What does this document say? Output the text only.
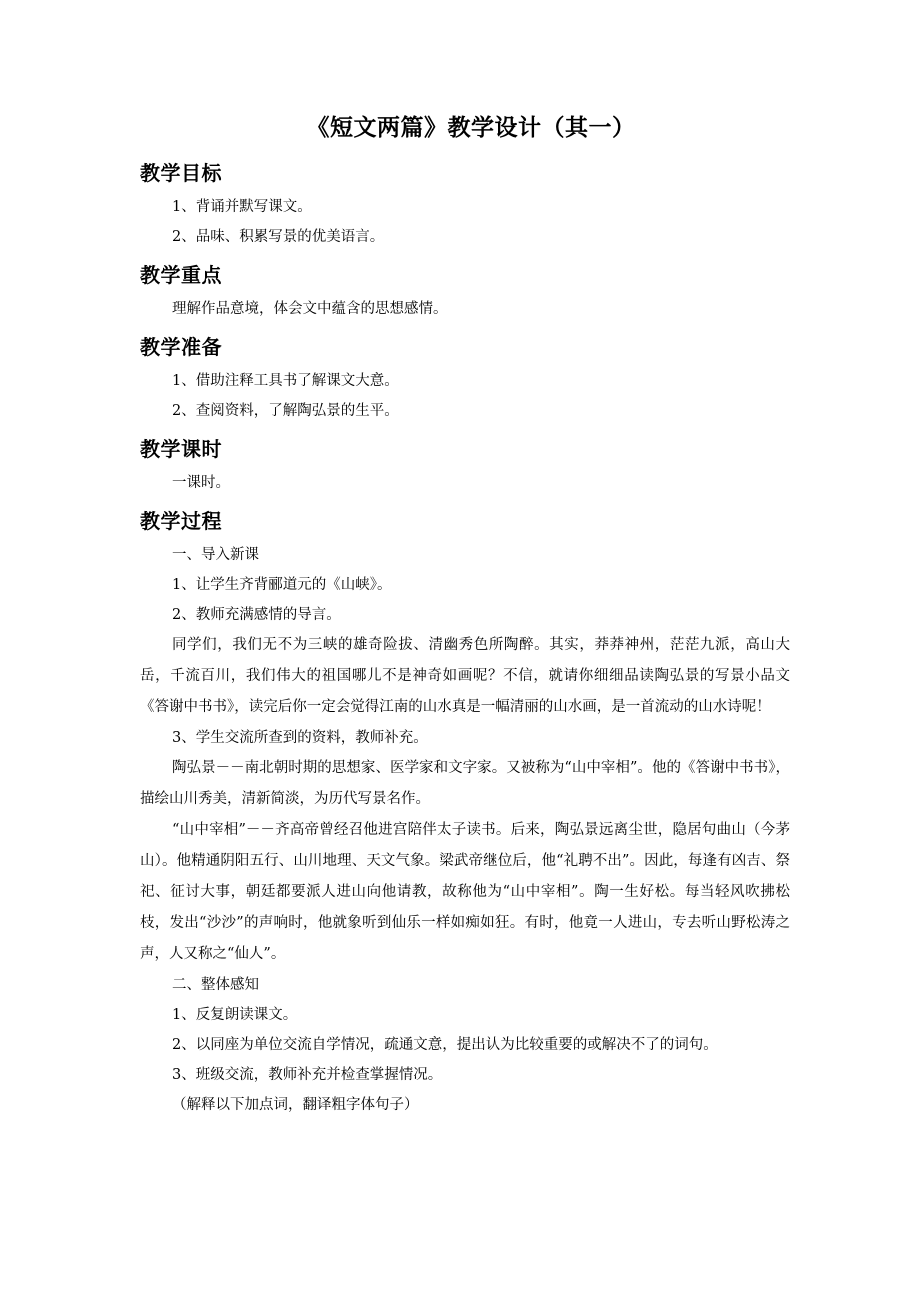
《短文两篇》教学设计（其一）
教学目标

1、背诵并默写课文。

2、品味、积累写景的优美语言。

教学重点

理解作品意境，体会文中蕴含的思想感情。

教学准备

1、借助注释工具书了解课文大意。

2、查阅资料，了解陶弘景的生平。

教学课时

一课时。

教学过程

一、导入新课

1、让学生齐背郦道元的《山峡》。

2、教师充满感情的导言。

同学们，我们无不为三峡的雄奇险拔、清幽秀色所陶醉。其实，莽莽神州，茫茫九派，高山大岳，千流百川，我们伟大的祖国哪儿不是神奇如画呢？不信，就请你细细品读陶弘景的写景小品文《答谢中书书》，读完后你一定会觉得江南的山水真是一幅清丽的山水画，是一首流动的山水诗呢！

3、学生交流所查到的资料，教师补充。

陶弘景－－南北朝时期的思想家、医学家和文字家。又被称为“山中宰相”。他的《答谢中书书》，描绘山川秀美，清新简淡，为历代写景名作。

“山中宰相”－－齐高帝曾经召他进宫陪伴太子读书。后来，陶弘景远离尘世，隐居句曲山（今茅山）。他精通阴阳五行、山川地理、天文气象。梁武帝继位后，他“礼聘不出”。因此，每逢有凶吉、祭祀、征讨大事，朝廷都要派人进山向他请教，故称他为“山中宰相”。陶一生好松。每当轻风吹拂松枝，发出“沙沙”的声响时，他就象听到仙乐一样如痴如狂。有时，他竟一人进山，专去听山野松涛之声，人又称之“仙人”。

二、整体感知

1、反复朗读课文。

2、以同座为单位交流自学情况，疏通文意，提出认为比较重要的或解决不了的词句。

3、班级交流，教师补充并检查掌握情况。

（解释以下加点词，翻译粗字体句子）
